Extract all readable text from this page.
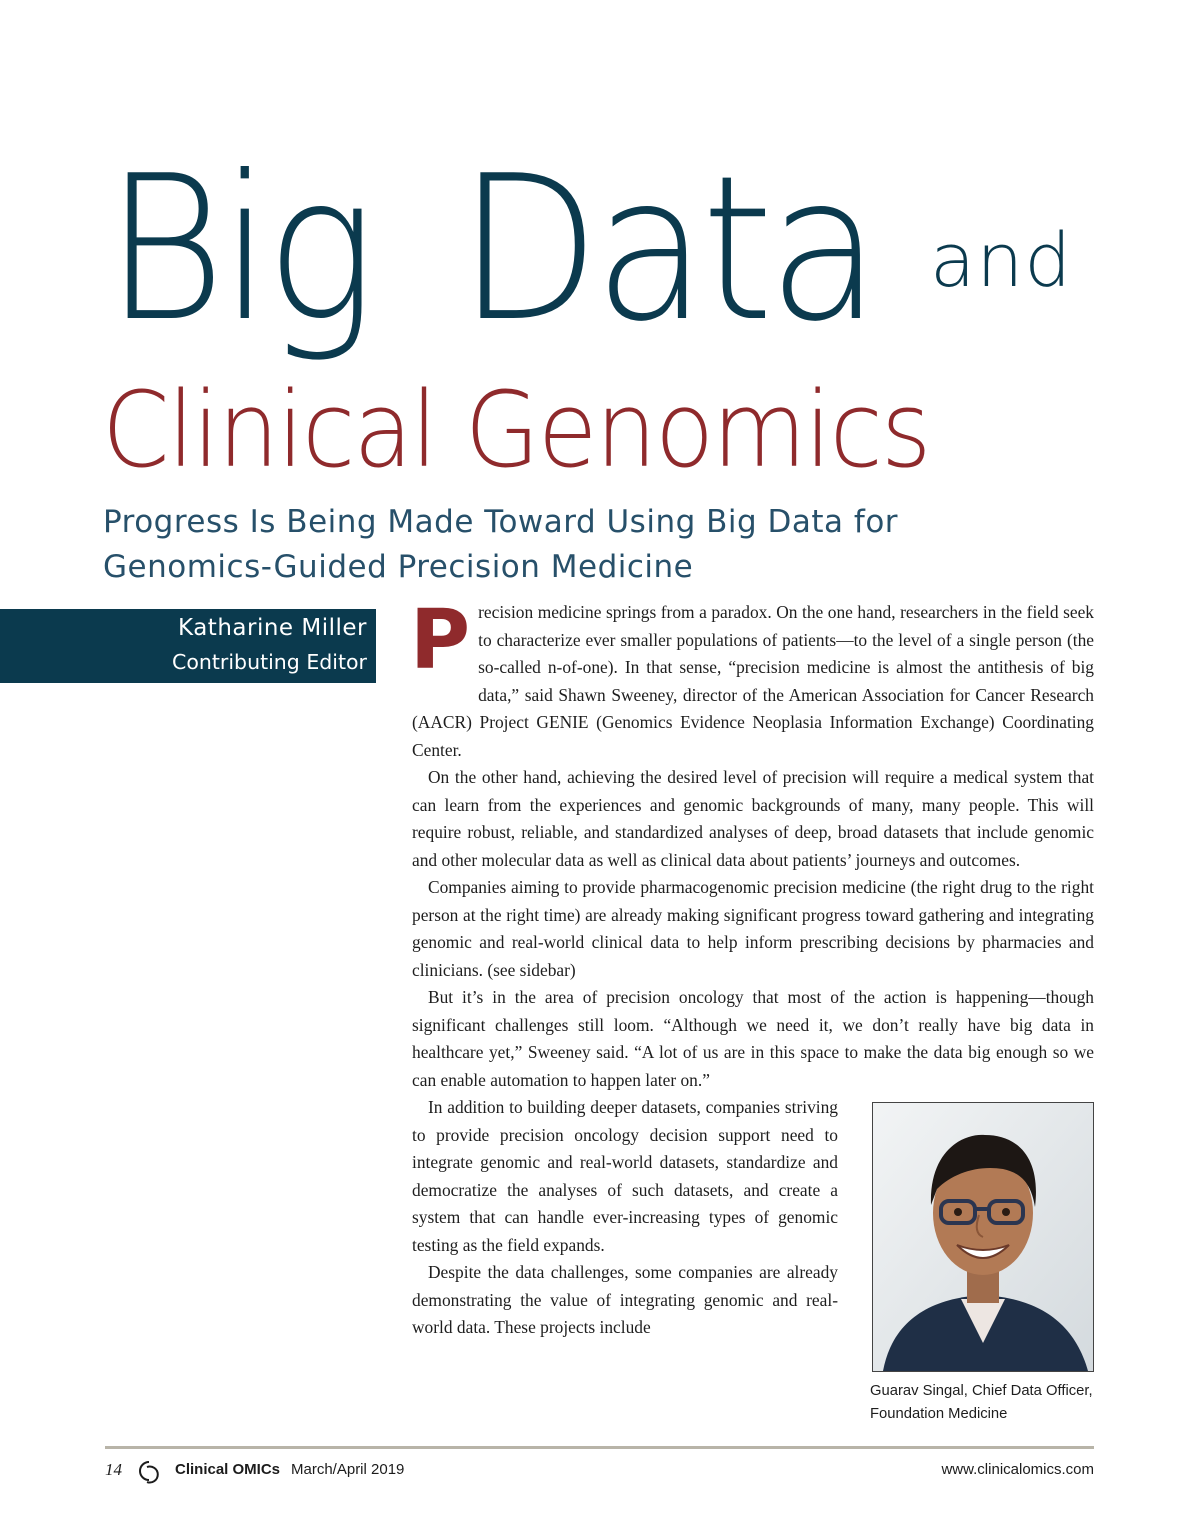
Big Data and
Clinical Genomics
Progress Is Being Made Toward Using Big Data for Genomics-Guided Precision Medicine
Katharine Miller
Contributing Editor Precision medicine springs from a paradox. On the one hand, researchers in the field seek to characterize ever smaller populations of patients—to the level of a single person (the so-called n-of-one). In that sense, “precision medicine is almost the antithesis of big data,” said Shawn Sweeney, director of the American Association for Cancer Research (AACR) Project GENIE (Genomics Evidence Neoplasia Information Exchange) Coordinating Center.

On the other hand, achieving the desired level of precision will require a medical system that can learn from the experiences and genomic backgrounds of many, many people. This will require robust, reliable, and standardized analyses of deep, broad datasets that include genomic and other molecular data as well as clinical data about patients’ journeys and outcomes.

Companies aiming to provide pharmacogenomic precision medicine (the right drug to the right person at the right time) are already making significant progress toward gathering and integrating genomic and real-world clinical data to help inform prescribing decisions by pharmacies and clinicians. (see sidebar)

But it’s in the area of precision oncology that most of the action is happening—though significant challenges still loom. “Although we need it, we don’t really have big data in healthcare yet,” Sweeney said. “A lot of us are in this space to make the data big enough so we can enable automation to happen later on.”

In addition to building deeper datasets, companies striving to provide precision oncology decision support need to integrate genomic and real-world datasets, standardize and democratize the analyses of such datasets, and create a system that can handle ever-increasing types of genomic testing as the field expands.

Despite the data challenges, some companies are already demonstrating the value of integrating genomic and real-world data. These projects include

Guarav Singal, Chief Data Officer, Foundation Medicine
14	Clinical OMICs March/April 2019	www.clinicalomics.com
